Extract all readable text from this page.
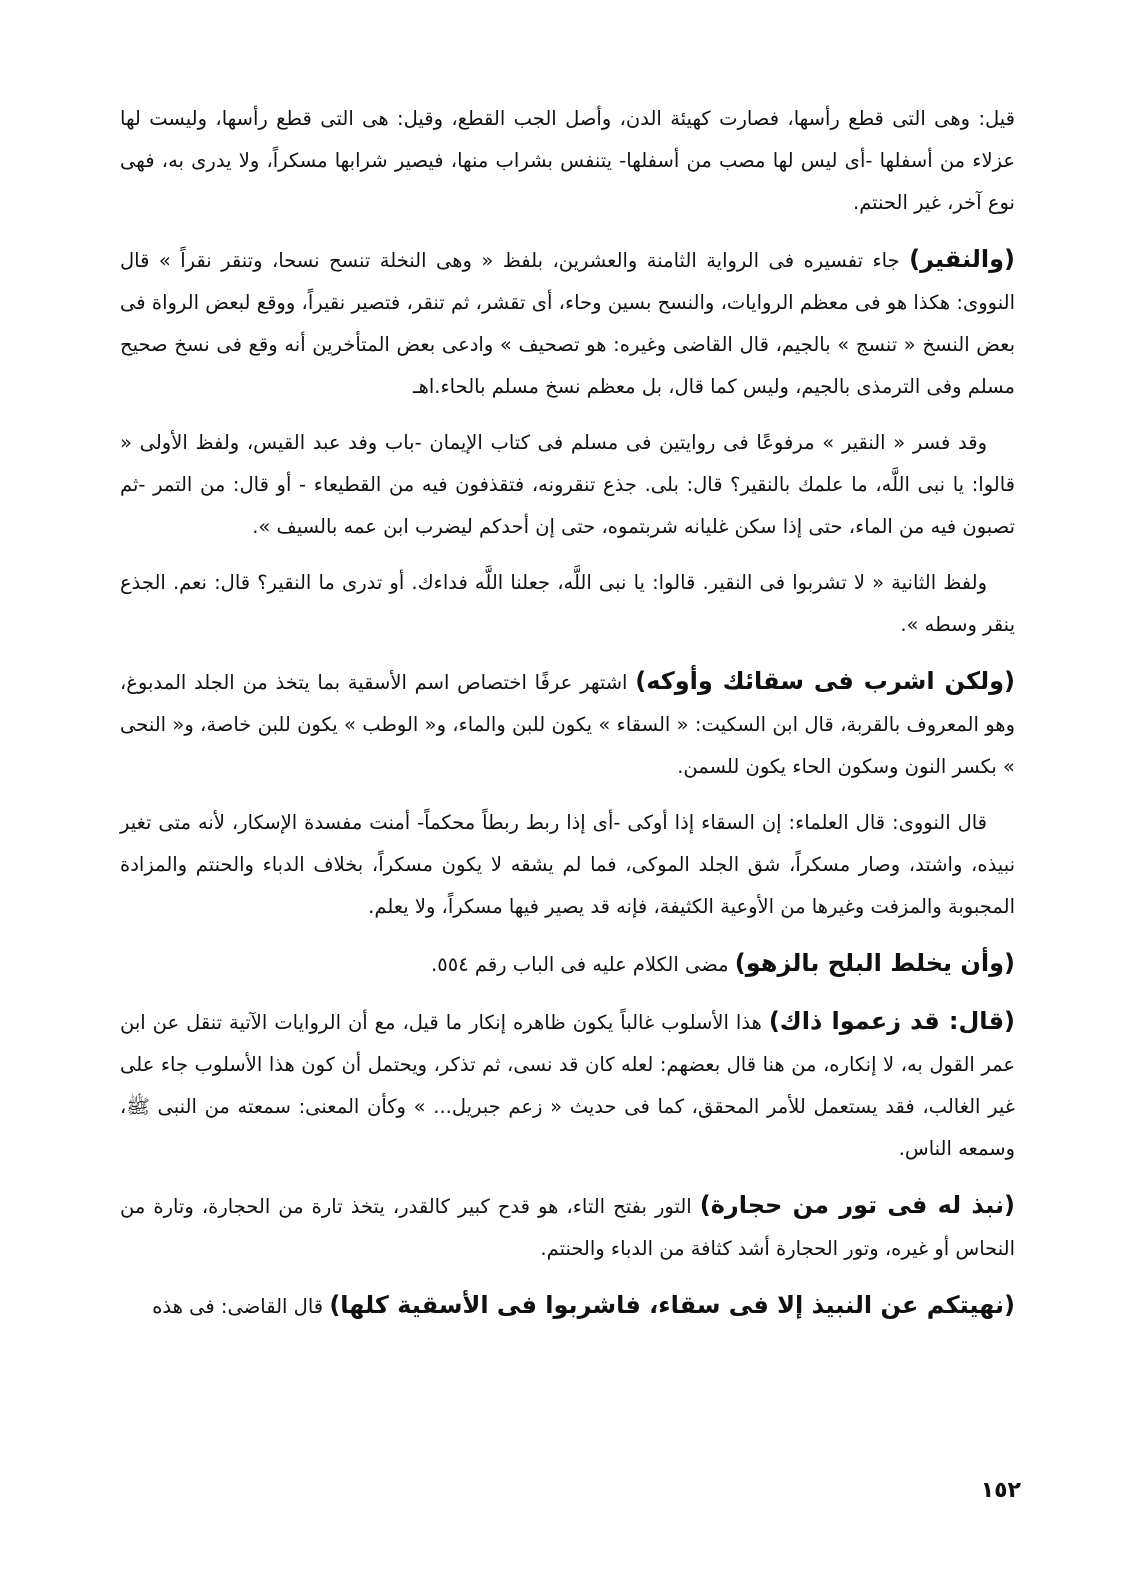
قيل: وهى التى قطع رأسها، فصارت كهيئة الدن، وأصل الجب القطع، وقيل: هى التى قطع رأسها، وليست لها عزلاء من أسفلها -أى ليس لها مصب من أسفلها- يتنفس بشراب منها، فيصير شرابها مسكراً، ولا يدرى به، فهى نوع آخر، غير الحنتم.

(والنقير) جاء تفسيره فى الرواية الثامنة والعشرين، بلفظ « وهى النخلة تنسح نسحا، وتنقر نقراً » قال النووى: هكذا هو فى معظم الروايات، والنسح بسين وحاء، أى تقشر، ثم تنقر، فتصير نقيراً، ووقع لبعض الرواة فى بعض النسخ « تنسج » بالجيم، قال القاضى وغيره: هو تصحيف » وادعى بعض المتأخرين أنه وقع فى نسخ صحيح مسلم وفى الترمذى بالجيم، وليس كما قال، بل معظم نسخ مسلم بالحاء.اهـ

وقد فسر « النقير » مرفوعًا فى روايتين فى مسلم فى كتاب الإيمان -باب وفد عبد القيس، ولفظ الأولى « قالوا: يا نبى اللَّه، ما علمك بالنقير؟ قال: بلى. جذع تنقرونه، فتقذفون فيه من القطيعاء - أو قال: من التمر -ثم تصبون فيه من الماء، حتى إذا سكن غليانه شربتموه، حتى إن أحدكم ليضرب ابن عمه بالسيف ».

ولفظ الثانية « لا تشربوا فى النقير. قالوا: يا نبى اللَّه، جعلنا اللَّه فداءك. أو تدرى ما النقير؟ قال: نعم. الجذع ينقر وسطه ».

(ولكن اشرب فى سقائك وأوكه) اشتهر عرفًا اختصاص اسم الأسقية بما يتخذ من الجلد المدبوغ، وهو المعروف بالقربة، قال ابن السكيت: « السقاء » يكون للبن والماء، و« الوطب » يكون للبن خاصة، و« النحى » بكسر النون وسكون الحاء يكون للسمن.

قال النووى: قال العلماء: إن السقاء إذا أوكى -أى إذا ربط ربطاً محكماً- أمنت مفسدة الإسكار، لأنه متى تغير نبيذه، واشتد، وصار مسكراً، شق الجلد الموكى، فما لم يشقه لا يكون مسكراً، بخلاف الدباء والحنتم والمزادة المجبوبة والمزفت وغيرها من الأوعية الكثيفة، فإنه قد يصير فيها مسكراً، ولا يعلم.

(وأن يخلط البلح بالزهو) مضى الكلام عليه فى الباب رقم ٥٥٤.

(قال: قد زعموا ذاك) هذا الأسلوب غالباً يكون ظاهره إنكار ما قيل، مع أن الروايات الآتية تنقل عن ابن عمر القول به، لا إنكاره، من هنا قال بعضهم: لعله كان قد نسى، ثم تذكر، ويحتمل أن كون هذا الأسلوب جاء على غير الغالب، فقد يستعمل للأمر المحقق، كما فى حديث « زعم جبريل... » وكأن المعنى: سمعته من النبى ﷺ، وسمعه الناس.

(نبذ له فى تور من حجارة) التور بفتح التاء، هو قدح كبير كالقدر، يتخذ تارة من الحجارة، وتارة من النحاس أو غيره، وتور الحجارة أشد كثافة من الدباء والحنتم.

(نهيتكم عن النبيذ إلا فى سقاء، فاشربوا فى الأسقية كلها) قال القاضى: فى هذه

١٥٢
